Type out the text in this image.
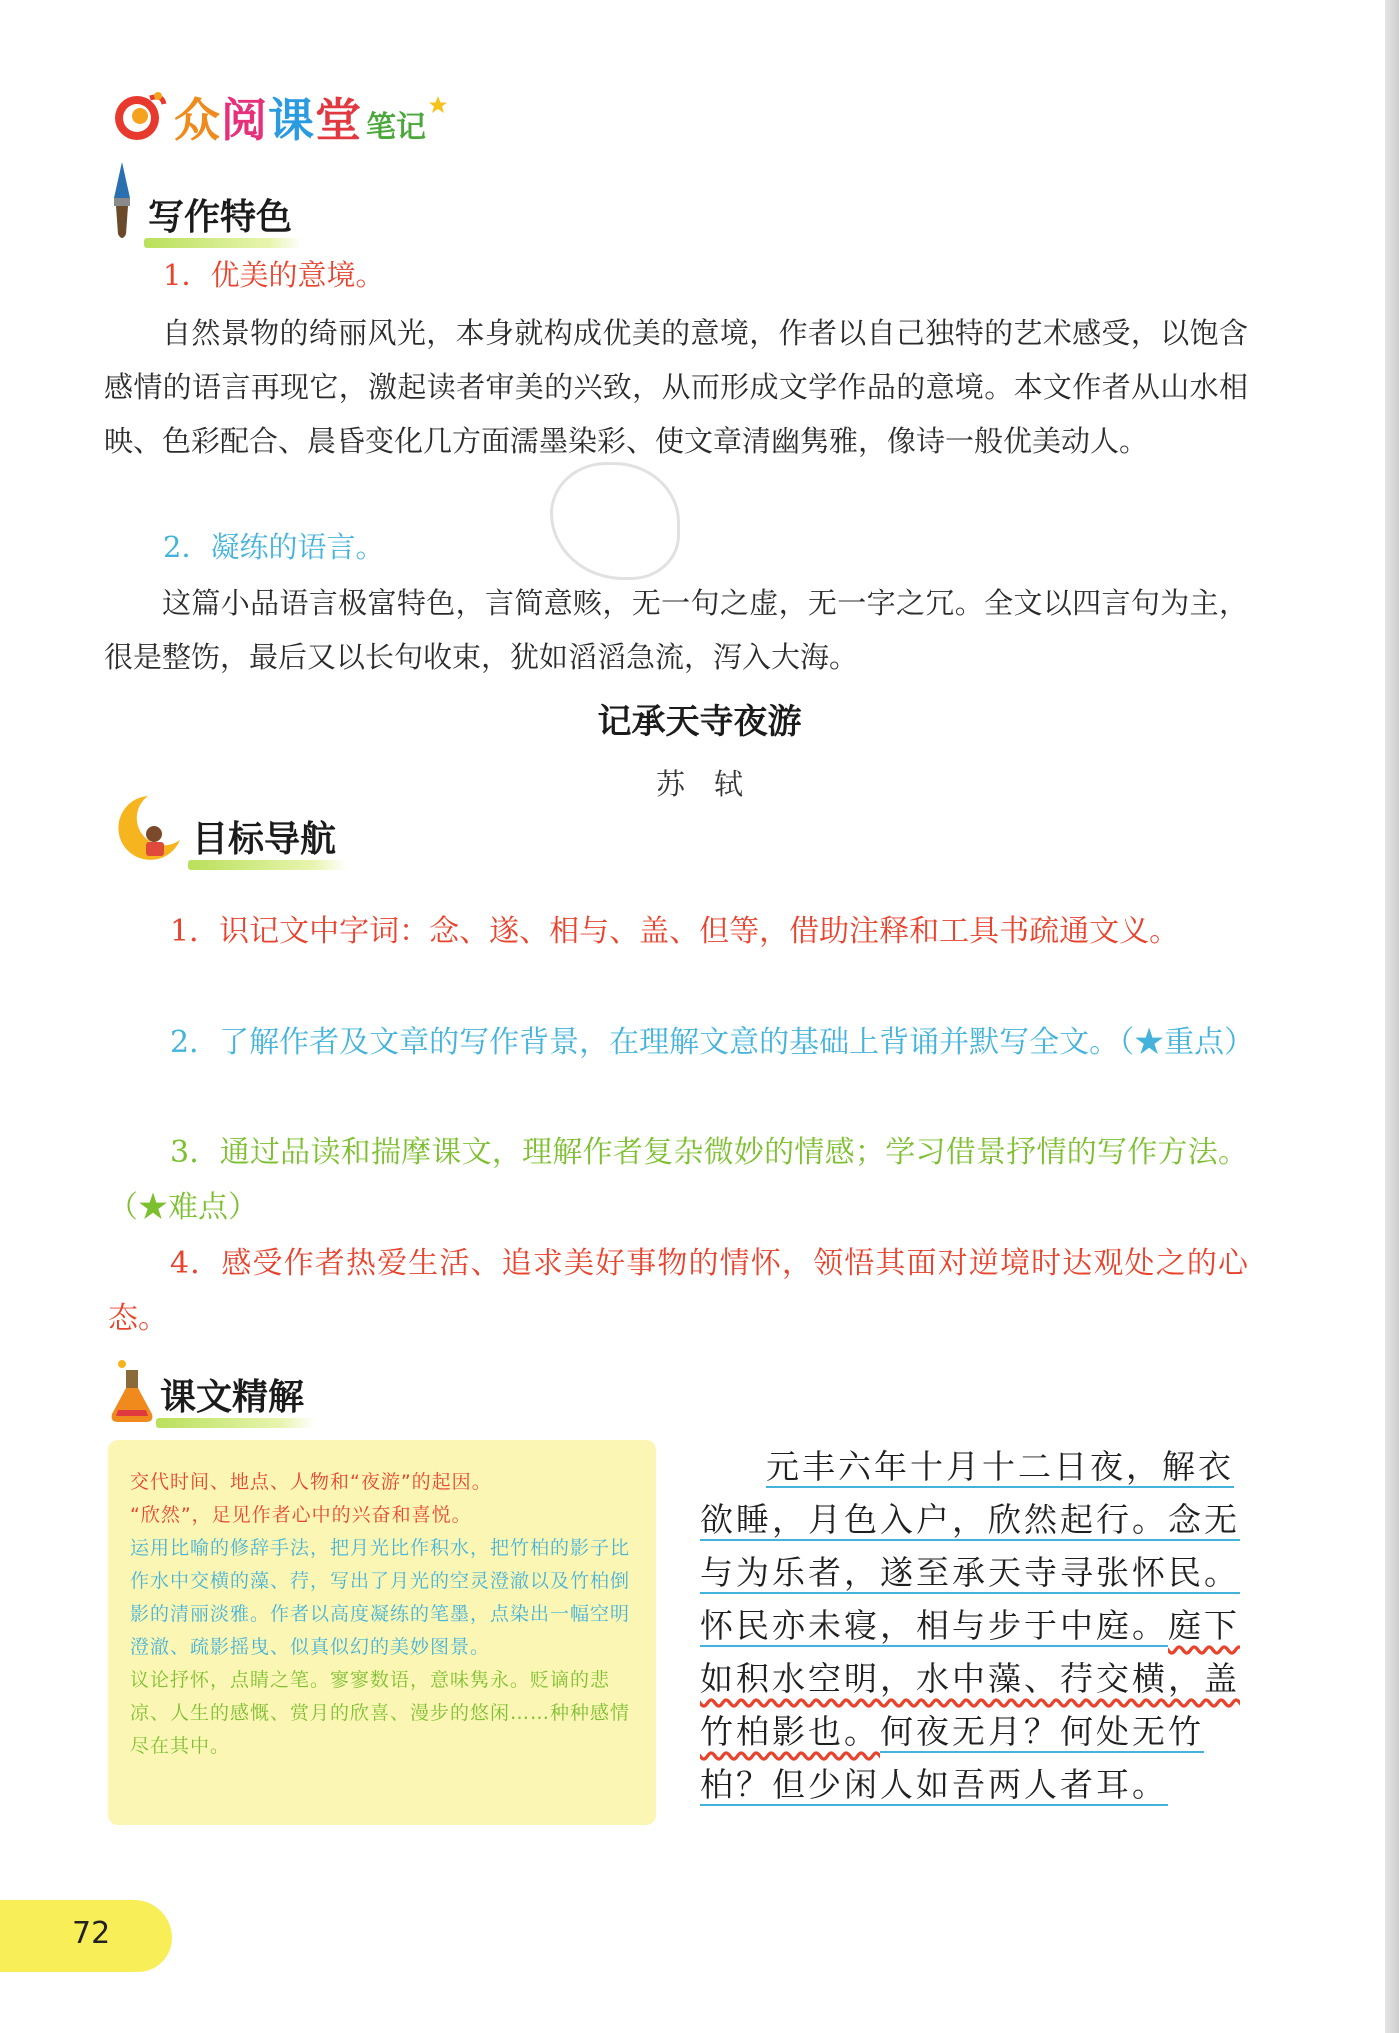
众阅课堂 笔记
写作特色
1．优美的意境。
自然景物的绮丽风光，本身就构成优美的意境，作者以自己独特的艺术感受，以饱含感情的语言再现它，激起读者审美的兴致，从而形成文学作品的意境。本文作者从山水相映、色彩配合、晨昏变化几方面濡墨染彩、使文章清幽隽雅，像诗一般优美动人。
2．凝练的语言。
这篇小品语言极富特色，言简意赅，无一句之虚，无一字之冗。全文以四言句为主，很是整饬，最后又以长句收束，犹如滔滔急流，泻入大海。
记承天寺夜游
苏　轼
目标导航
1．识记文中字词：念、遂、相与、盖、但等，借助注释和工具书疏通文义。
2．了解作者及文章的写作背景，在理解文意的基础上背诵并默写全文。（★重点）
3．通过品读和揣摩课文，理解作者复杂微妙的情感；学习借景抒情的写作方法。（★难点）
4．感受作者热爱生活、追求美好事物的情怀，领悟其面对逆境时达观处之的心态。
课文精解

交代时间、地点、人物和“夜游”的起因。

“欣然”，足见作者心中的兴奋和喜悦。

运用比喻的修辞手法，把月光比作积水，把竹柏的影子比作水中交横的藻、荇，写出了月光的空灵澄澈以及竹柏倒影的清丽淡雅。作者以高度凝练的笔墨，点染出一幅空明澄澈、疏影摇曳、似真似幻的美妙图景。

议论抒怀，点睛之笔。寥寥数语，意味隽永。贬谪的悲凉、人生的感慨、赏月的欣喜、漫步的悠闲……种种感情尽在其中。

元丰六年十月十二日夜，解衣欲睡，月色入户，欣然起行。念无与为乐者，遂至承天寺寻张怀民。怀民亦未寝，相与步于中庭。庭下如积水空明，水中藻、荇交横，盖竹柏影也。何夜无月？何处无竹柏？但少闲人如吾两人者耳。
72
